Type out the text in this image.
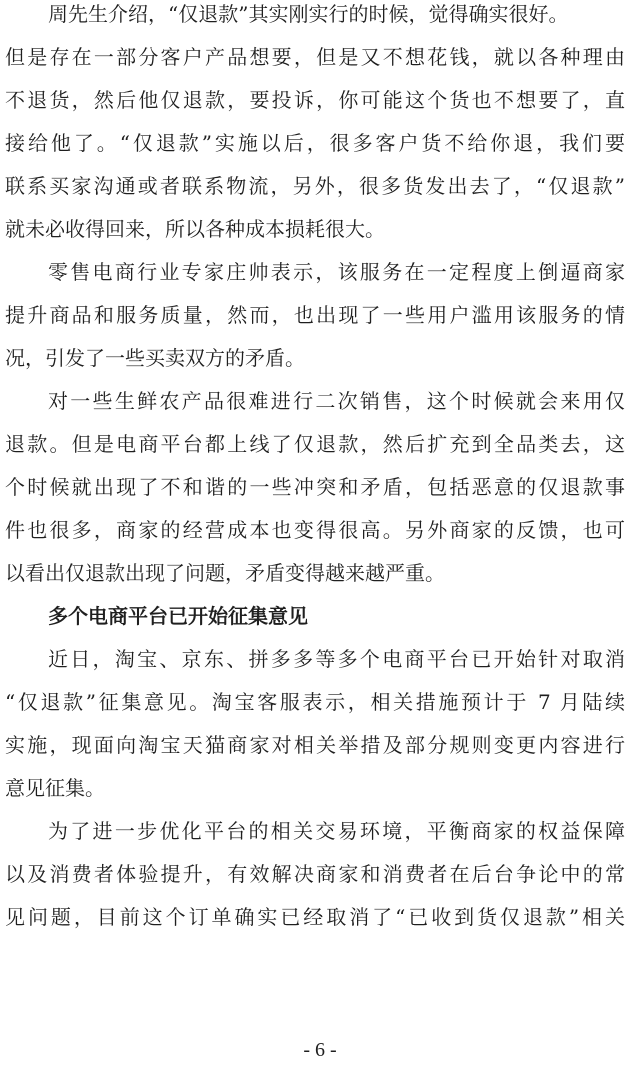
周先生介绍，“仅退款”其实刚实行的时候，觉得确实很好。
但是存在一部分客户产品想要，但是又不想花钱，就以各种理由
不退货，然后他仅退款，要投诉，你可能这个货也不想要了，直
接给他了。“仅退款”实施以后，很多客户货不给你退，我们要
联系买家沟通或者联系物流，另外，很多货发出去了，“仅退款”
就未必收得回来，所以各种成本损耗很大。
零售电商行业专家庄帅表示，该服务在一定程度上倒逼商家
提升商品和服务质量，然而，也出现了一些用户滥用该服务的情
况，引发了一些买卖双方的矛盾。
对一些生鲜农产品很难进行二次销售，这个时候就会来用仅
退款。但是电商平台都上线了仅退款，然后扩充到全品类去，这
个时候就出现了不和谐的一些冲突和矛盾，包括恶意的仅退款事
件也很多，商家的经营成本也变得很高。另外商家的反馈，也可
以看出仅退款出现了问题，矛盾变得越来越严重。
多个电商平台已开始征集意见
近日，淘宝、京东、拼多多等多个电商平台已开始针对取消
“仅退款”征集意见。淘宝客服表示，相关措施预计于 7 月陆续
实施，现面向淘宝天猫商家对相关举措及部分规则变更内容进行
意见征集。
为了进一步优化平台的相关交易环境，平衡商家的权益保障
以及消费者体验提升，有效解决商家和消费者在后台争论中的常
见问题，目前这个订单确实已经取消了“已收到货仅退款”相关
- 6 -
